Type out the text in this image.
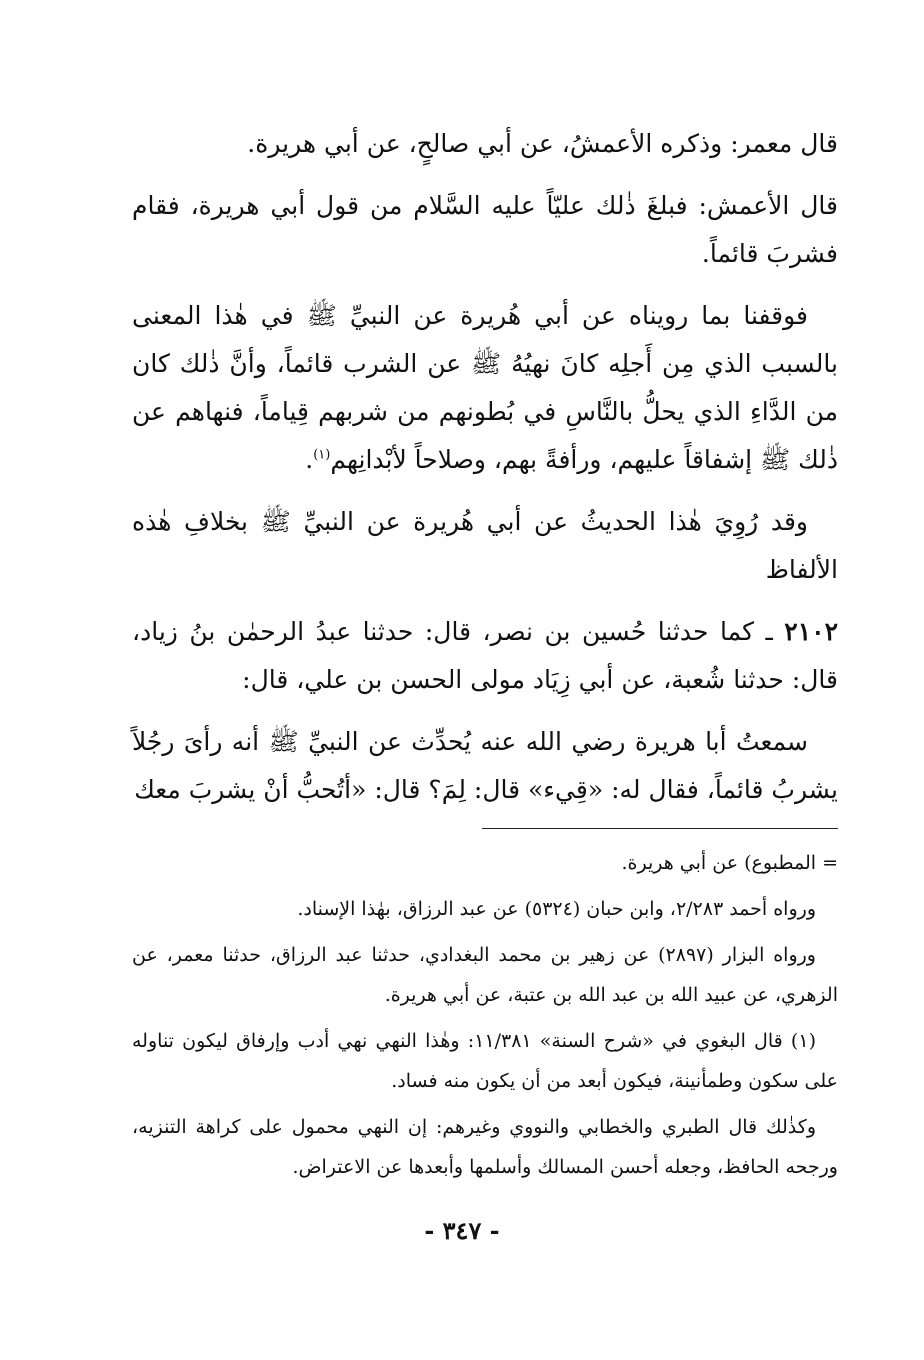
قال معمر: وذكره الأعمشُ، عن أبي صالحٍ، عن أبي هريرة.

قال الأعمش: فبلغَ ذٰلك عليّاً عليه السَّلام من قول أبي هريرة، فقام فشربَ قائماً.

فوقفنا بما رويناه عن أبي هُريرة عن النبيِّ ﷺ في هٰذا المعنى بالسبب الذي مِن أَجلِه كانَ نهيُهُ ﷺ عن الشرب قائماً، وأنَّ ذٰلك كان من الدَّاءِ الذي يحلُّ بالنَّاسِ في بُطونهم من شربهم قِياماً، فنهاهم عن ذٰلك ﷺ إشفاقاً عليهم، ورأفةً بهم، وصلاحاً لأبْدانِهم$^{(١)}$.

وقد رُوِيَ هٰذا الحديثُ عن أبي هُريرة عن النبيِّ ﷺ بخلافِ هٰذه الألفاظ

٢١٠٢ ـ كما حدثنا حُسين بن نصر، قال: حدثنا عبدُ الرحمٰن بنُ زياد، قال: حدثنا شُعبة، عن أبي زِيَاد مولى الحسن بن علي، قال:

سمعتُ أبا هريرة رضي الله عنه يُحدِّث عن النبيِّ ﷺ أنه رأىَ رجُلاً يشربُ قائماً، فقال له: «قِيء» قال: لِمَ؟ قال: «أتُحبُّ أنْ يشربَ معك

= المطبوع) عن أبي هريرة.

ورواه أحمد ٢/٢٨٣، وابن حبان (٥٣٢٤) عن عبد الرزاق، بهٰذا الإسناد.

ورواه البزار (٢٨٩٧) عن زهير بن محمد البغدادي، حدثنا عبد الرزاق، حدثنا معمر، عن الزهري، عن عبيد الله بن عبد الله بن عتبة، عن أبي هريرة.

(١) قال البغوي في «شرح السنة» ١١/٣٨١: وهٰذا النهي نهي أدب وإرفاق ليكون تناوله على سكون وطمأنينة، فيكون أبعد من أن يكون منه فساد.

وكذٰلك قال الطبري والخطابي والنووي وغيرهم: إن النهي محمول على كراهة التنزيه، ورجحه الحافظ، وجعله أحسن المسالك وأسلمها وأبعدها عن الاعتراض.

- ٣٤٧ -
